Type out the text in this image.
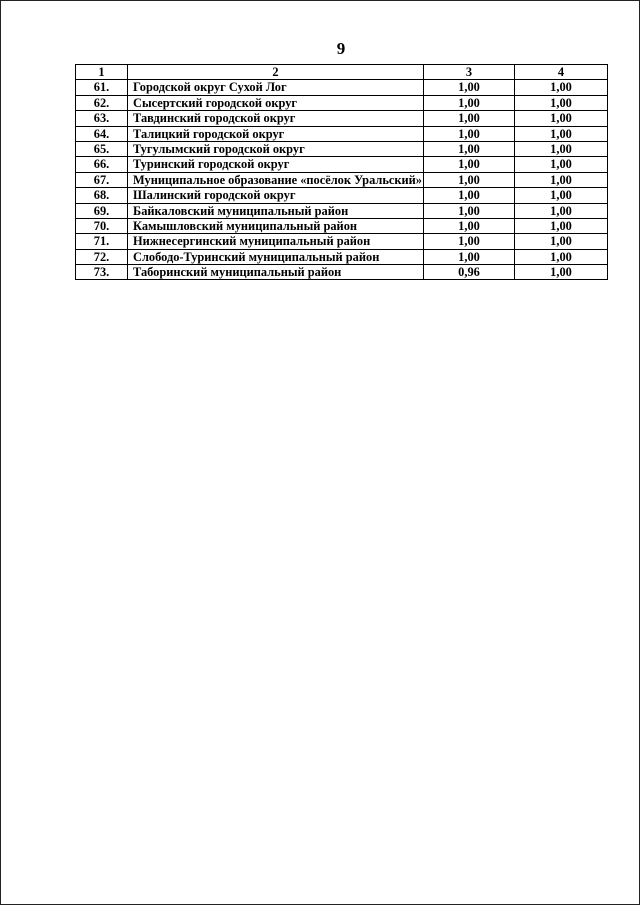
9
1	2	3	4
61.	Городской округ Сухой Лог	1,00	1,00
62.	Сысертский городской округ	1,00	1,00
63.	Тавдинский городской округ	1,00	1,00
64.	Талицкий городской округ	1,00	1,00
65.	Тугулымский городской округ	1,00	1,00
66.	Туринский городской округ	1,00	1,00
67.	Муниципальное образование «посёлок Уральский»	1,00	1,00
68.	Шалинский городской округ	1,00	1,00
69.	Байкаловский муниципальный район	1,00	1,00
70.	Камышловский муниципальный район	1,00	1,00
71.	Нижнесергинский муниципальный район	1,00	1,00
72.	Слободо-Туринский муниципальный район	1,00	1,00
73.	Таборинский муниципальный район	0,96	1,00
